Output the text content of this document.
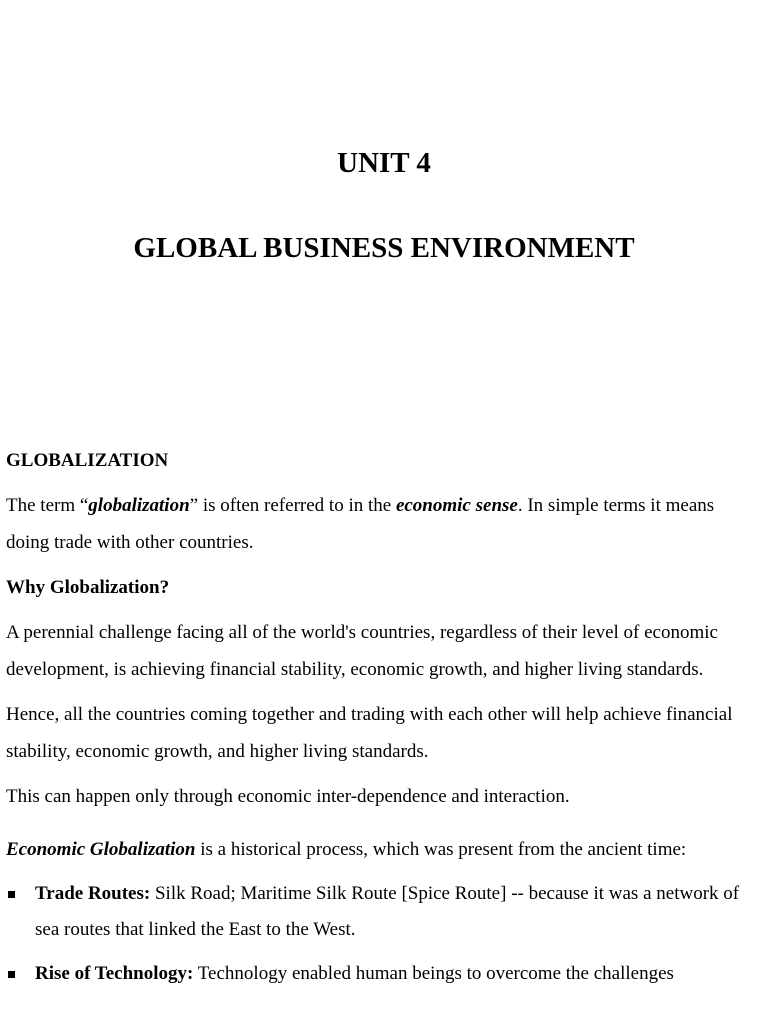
UNIT 4
GLOBAL BUSINESS ENVIRONMENT

GLOBALIZATION

The term “globalization” is often referred to in the economic sense. In simple terms it means doing trade with other countries.

Why Globalization?

A perennial challenge facing all of the world's countries, regardless of their level of economic development, is achieving financial stability, economic growth, and higher living standards.

Hence, all the countries coming together and trading with each other will help achieve financial stability, economic growth, and higher living standards.

This can happen only through economic inter-dependence and interaction.

Economic Globalization is a historical process, which was present from the ancient time:

Trade Routes: Silk Road; Maritime Silk Route [Spice Route] -- because it was a network of sea routes that linked the East to the West.
Rise of Technology: Technology enabled human beings to overcome the challenges
